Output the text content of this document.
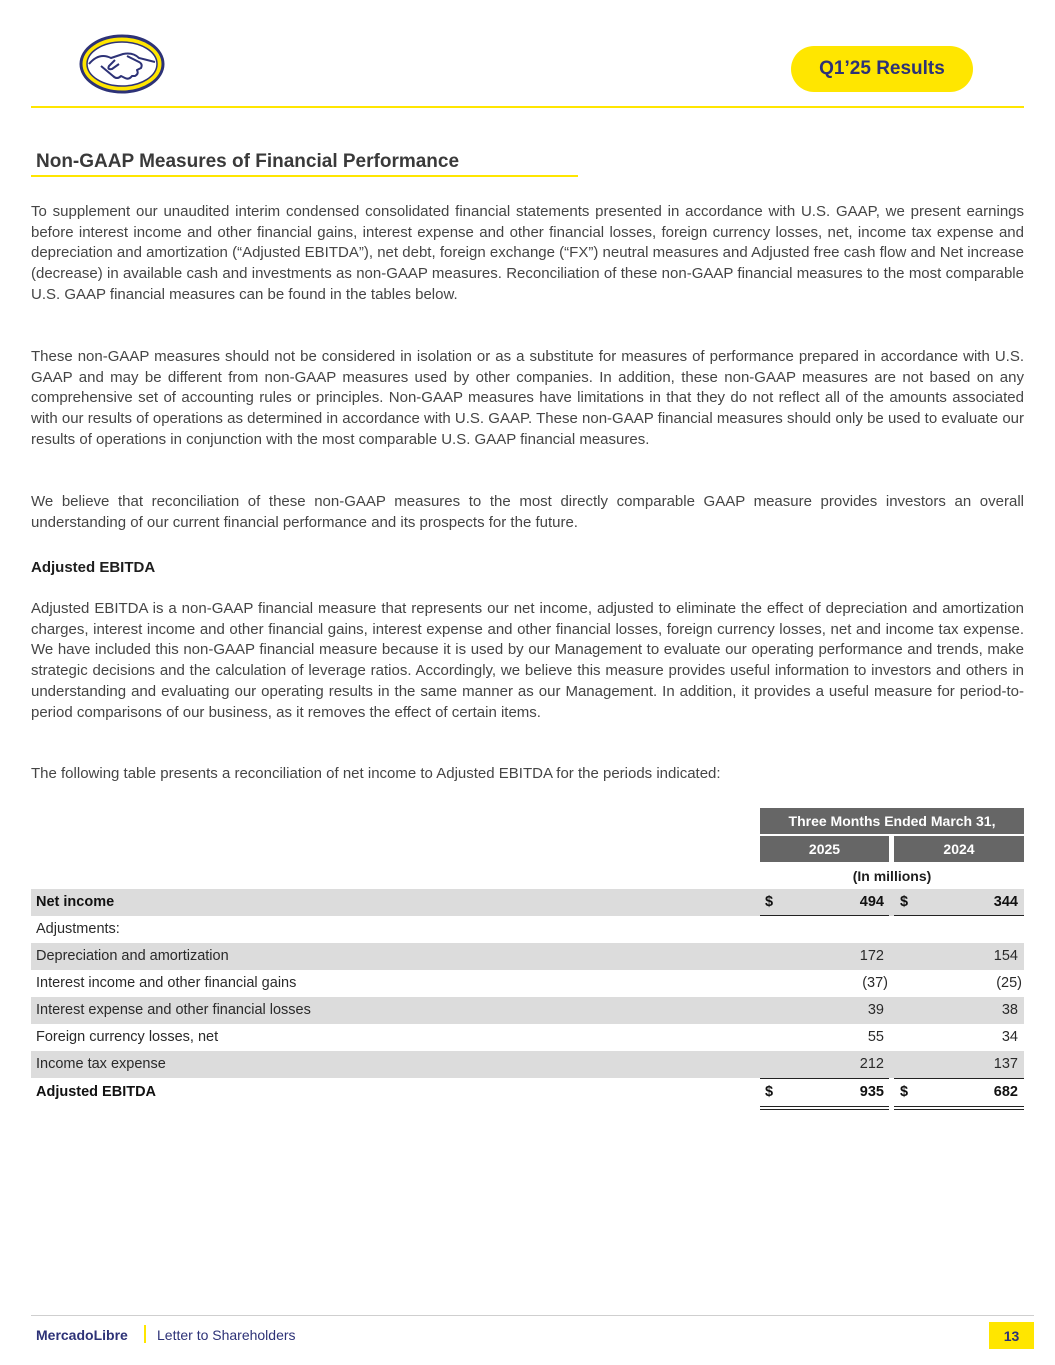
Q1’25 Results
Non-GAAP Measures of Financial Performance

To supplement our unaudited interim condensed consolidated financial statements presented in accordance with U.S. GAAP, we present earnings before interest income and other financial gains, interest expense and other financial losses, foreign currency losses, net, income tax expense and depreciation and amortization (“Adjusted EBITDA”), net debt, foreign exchange (“FX”) neutral measures and Adjusted free cash flow and Net increase (decrease) in available cash and investments as non-GAAP measures. Reconciliation of these non-GAAP financial measures to the most comparable U.S. GAAP financial measures can be found in the tables below.

These non-GAAP measures should not be considered in isolation or as a substitute for measures of performance prepared in accordance with U.S. GAAP and may be different from non-GAAP measures used by other companies. In addition, these non-GAAP measures are not based on any comprehensive set of accounting rules or principles. Non-GAAP measures have limitations in that they do not reflect all of the amounts associated with our results of operations as determined in accordance with U.S. GAAP. These non-GAAP financial measures should only be used to evaluate our results of operations in conjunction with the most comparable U.S. GAAP financial measures.

We believe that reconciliation of these non-GAAP measures to the most directly comparable GAAP measure provides investors an overall understanding of our current financial performance and its prospects for the future.

Adjusted EBITDA

Adjusted EBITDA is a non-GAAP financial measure that represents our net income, adjusted to eliminate the effect of depreciation and amortization charges, interest income and other financial gains, interest expense and other financial losses, foreign currency losses, net and income tax expense. We have included this non-GAAP financial measure because it is used by our Management to evaluate our operating performance and trends, make strategic decisions and the calculation of leverage ratios. Accordingly, we believe this measure provides useful information to investors and others in understanding and evaluating our operating results in the same manner as our Management. In addition, it provides a useful measure for period-to-period comparisons of our business, as it removes the effect of certain items.

The following table presents a reconciliation of net income to Adjusted EBITDA for the periods indicated:

Three Months Ended March 31,
2025	2024
(In millions)
Net income	$	494 $	344
Adjustments:
Depreciation and amortization	172	154
Interest income and other financial gains	(37)	(25)
Interest expense and other financial losses	39	38
Foreign currency losses, net	55	34
Income tax expense	212	137
Adjusted EBITDA	$	935 $	682
MercadoLibre Letter to Shareholders	13
